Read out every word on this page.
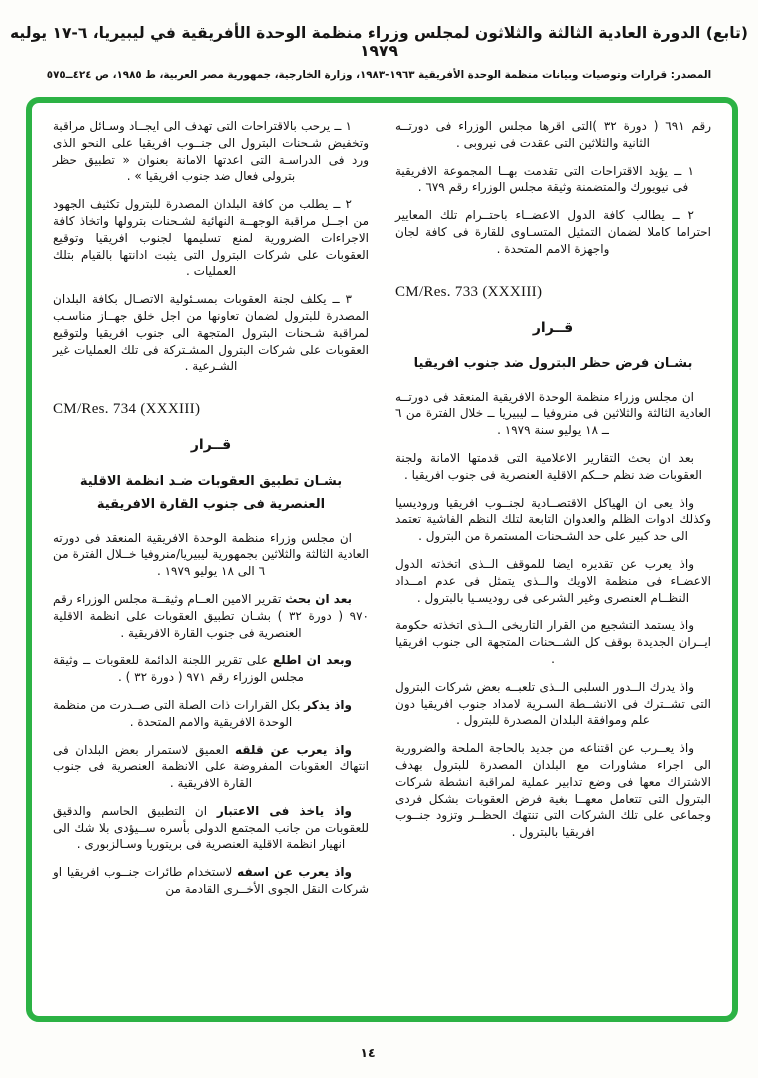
(تابع) الدورة العادية الثالثة والثلاثون لمجلس وزراء منظمة الوحدة الأفريقية في ليبيريا، ٦-١٧ يوليه ١٩٧٩
المصدر: قرارات وتوصيات وبيانات منظمة الوحدة الأفريقية ١٩٦٣-١٩٨٣، وزارة الخارجية، جمهورية مصر العربية، ط ١٩٨٥، ص ٤٢٤ــ٥٧٥

رقم ٦٩١ ( دورة ٣٢ )التى اقرها مجلس الوزراء فى دورتــه الثانية والثلاثين التى عقدت فى نيروبى .

١ ــ يؤيد الاقتراحات التى تقدمت بهــا المجموعة الافريقية فى نيويورك والمتضمنة وثيقة مجلس الوزراء رقم ٦٧٩ .

٢ ــ يطالب كافة الدول الاعضــاء باحتــرام تلك المعايير احتراما كاملا لضمان التمثيل المتسـاوى للقارة فى كافة لجان واجهزة الامم المتحدة .

CM/Res. 733 (XXXIII)
قــرار
بشـان فرض حظر البترول ضد جنوب افريقيا

ان مجلس وزراء منظمة الوحدة الافريقية المنعقد فى دورتــه العادية الثالثة والثلاثين فى منروفيا ــ ليبيريا ــ خلال الفترة من ٦ ــ ١٨ يوليو سنة ١٩٧٩ .

بعد ان بحث التقارير الاعلامية التى قدمتها الامانة ولجنة العقوبات ضد نظم حــكم الاقلية العنصرية فى جنوب افريقيا .

واذ يعى ان الهياكل الاقتصــادية لجنــوب افريقيا وروديسيا وكذلك ادوات الظلم والعدوان التابعة لتلك النظم الفاشية تعتمد الى حد كبير على حد الشـحنات المستمرة من البترول .

واذ يعرب عن تقديره ايضا للموقف الــذى اتخذته الدول الاعضـاء فى منظمة الاويك والــذى يتمثل فى عدم امــداد النظــام العنصرى وغير الشرعى فى روديسـيا بالبترول .

واذ يستمد التشجيع من القرار التاريخى الــذى اتخذته حكومة ايــران الجديدة بوقف كل الشــحنات المتجهة الى جنوب افريقيا .

واذ يدرك الــدور السلبى الــذى تلعبــه بعض شركات البترول التى تشــترك فى الانشــطة السـرية لامداد جنوب افريقيا دون علم وموافقة البلدان المصدرة للبترول .

واذ يعــرب عن اقتناعه من جديد بالحاجة الملحة والضرورية الى اجراء مشاورات مع البلدان المصدرة للبترول بهدف الاشتراك معها فى وضع تدابير عملية لمراقبة انشطة شركات البترول التى تتعامل معهــا بغية فرض العقوبات بشكل فردى وجماعى على تلك الشركات التى تنتهك الحظــر وتزود جنــوب افريقيا بالبترول .

١ ــ يرحب بالاقتراحات التى تهدف الى ايجــاد وسـائل مراقبة وتخفيض شـحنات البترول الى جنــوب افريقيا على النحو الذى ورد فى الدراسـة التى اعدتها الامانة بعنوان « تطبيق حظر بترولى فعال ضد جنوب افريقيا » .

٢ ــ يطلب من كافة البلدان المصدرة للبترول تكثيف الجهود من اجــل مراقبة الوجهــة النهائية لشـحنات بترولها واتخاذ كافة الاجراءات الضرورية لمنع تسليمها لجنوب افريقيا وتوقيع العقوبات على شركات البترول التى يثبت ادانتها بالقيام بتلك العمليات .

٣ ــ يكلف لجنة العقوبات بمسـئولية الاتصـال بكافة البلدان المصدرة للبترول لضمان تعاونها من اجل خلق جهــاز مناسـب لمراقبة شـحنات البترول المتجهة الى جنوب افريقيا ولتوقيع العقوبات على شركات البترول المشـتركة فى تلك العمليات غير الشـرعية .

CM/Res. 734 (XXXIII)
قــرار
بشـان تطبيق العقوبات ضـد انظمة الاقلية
العنصرية فى جنوب القارة الافريقية

ان مجلس وزراء منظمة الوحدة الافريقية المنعقد فى دورته العادية الثالثة والثلاثين بجمهورية ليبيريا/منروفيا خــلال الفترة من ٦ الى ١٨ يوليو ١٩٧٩ .

بعد ان بحث تقرير الامين العــام وثيقــة مجلس الوزراء رقم ٩٧٠ ( دورة ٣٢ ) بشـان تطبيق العقوبات على انظمة الاقلية العنصرية فى جنوب القارة الافريقية .

وبعد ان اطلع على تقرير اللجنة الدائمة للعقوبات ــ وثيقة مجلس الوزراء رقم ٩٧١ ( دورة ٣٢ ) .

واذ يذكر بكل القرارات ذات الصلة التى صــدرت من منظمة الوحدة الافريقية والامم المتحدة .

واذ يعرب عن قلقه العميق لاستمرار بعض البلدان فى انتهاك العقوبات المفروضة على الانظمة العنصرية فى جنوب القارة الافريقية .

واذ ياخذ فى الاعتبار ان التطبيق الحاسم والدقيق للعقوبات من جانب المجتمع الدولى بأسره ســيؤدى بلا شك الى انهيار انظمة الاقلية العنصرية فى بريتوريا وسـالزبورى .

واذ يعرب عن اسفه لاستخدام طائرات جنــوب افريقيا او شركات النقل الجوى الأخــرى القادمة من

١٤
